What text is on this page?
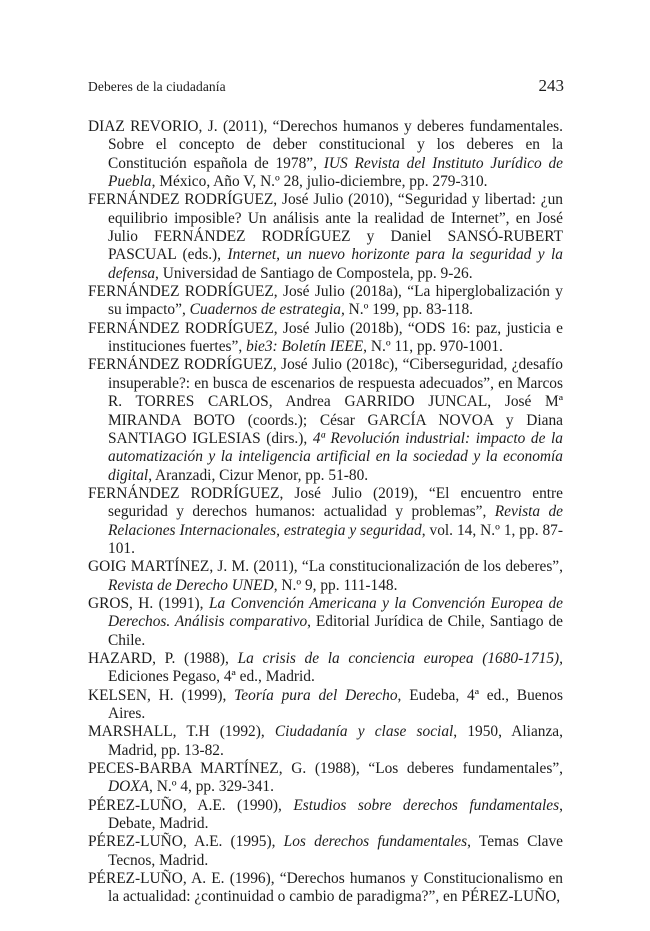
Deberes de la ciudadanía	243

DIAZ REVORIO, J. (2011), “Derechos humanos y deberes fundamentales. Sobre el concepto de deber constitucional y los deberes en la Constitución española de 1978”, IUS Revista del Instituto Jurídico de Puebla, México, Año V, N.º 28, julio-diciembre, pp. 279-310.

FERNÁNDEZ RODRÍGUEZ, José Julio (2010), “Seguridad y libertad: ¿un equilibrio imposible? Un análisis ante la realidad de Internet”, en José Julio FERNÁNDEZ RODRÍGUEZ y Daniel SANSÓ-RUBERT PASCUAL (eds.), Internet, un nuevo horizonte para la seguridad y la defensa, Universidad de Santiago de Compostela, pp. 9-26.

FERNÁNDEZ RODRÍGUEZ, José Julio (2018a), “La hiperglobalización y su impacto”, Cuadernos de estrategia, N.º 199, pp. 83-118.

FERNÁNDEZ RODRÍGUEZ, José Julio (2018b), “ODS 16: paz, justicia e instituciones fuertes”, bie3: Boletín IEEE, N.º 11, pp. 970-1001.

FERNÁNDEZ RODRÍGUEZ, José Julio (2018c), “Ciberseguridad, ¿desafío insuperable?: en busca de escenarios de respuesta adecuados”, en Marcos R. TORRES CARLOS, Andrea GARRIDO JUNCAL, José Mª MIRANDA BOTO (coords.); César GARCÍA NOVOA y Diana SANTIAGO IGLESIAS (dirs.), 4ª Revolución industrial: impacto de la automatización y la inteligencia artificial en la sociedad y la economía digital, Aranzadi, Cizur Menor, pp. 51-80.

FERNÁNDEZ RODRÍGUEZ, José Julio (2019), “El encuentro entre seguridad y derechos humanos: actualidad y problemas”, Revista de Relaciones Internacionales, estrategia y seguridad, vol. 14, N.º 1, pp. 87-101.

GOIG MARTÍNEZ, J. M. (2011), “La constitucionalización de los deberes”, Revista de Derecho UNED, N.º 9, pp. 111-148.

GROS, H. (1991), La Convención Americana y la Convención Europea de Derechos. Análisis comparativo, Editorial Jurídica de Chile, Santiago de Chile.

HAZARD, P. (1988), La crisis de la conciencia europea (1680-1715), Ediciones Pegaso, 4ª ed., Madrid.

KELSEN, H. (1999), Teoría pura del Derecho, Eudeba, 4ª ed., Buenos Aires.

MARSHALL, T.H (1992), Ciudadanía y clase social, 1950, Alianza, Madrid, pp. 13-82.

PECES-BARBA MARTÍNEZ, G. (1988), “Los deberes fundamentales”, DOXA, N.º 4, pp. 329-341.

PÉREZ-LUÑO, A.E. (1990), Estudios sobre derechos fundamentales, Debate, Madrid.

PÉREZ-LUÑO, A.E. (1995), Los derechos fundamentales, Temas Clave Tecnos, Madrid.

PÉREZ-LUÑO, A. E. (1996), “Derechos humanos y Constitucionalismo en la actualidad: ¿continuidad o cambio de paradigma?”, en PÉREZ-LUÑO,
